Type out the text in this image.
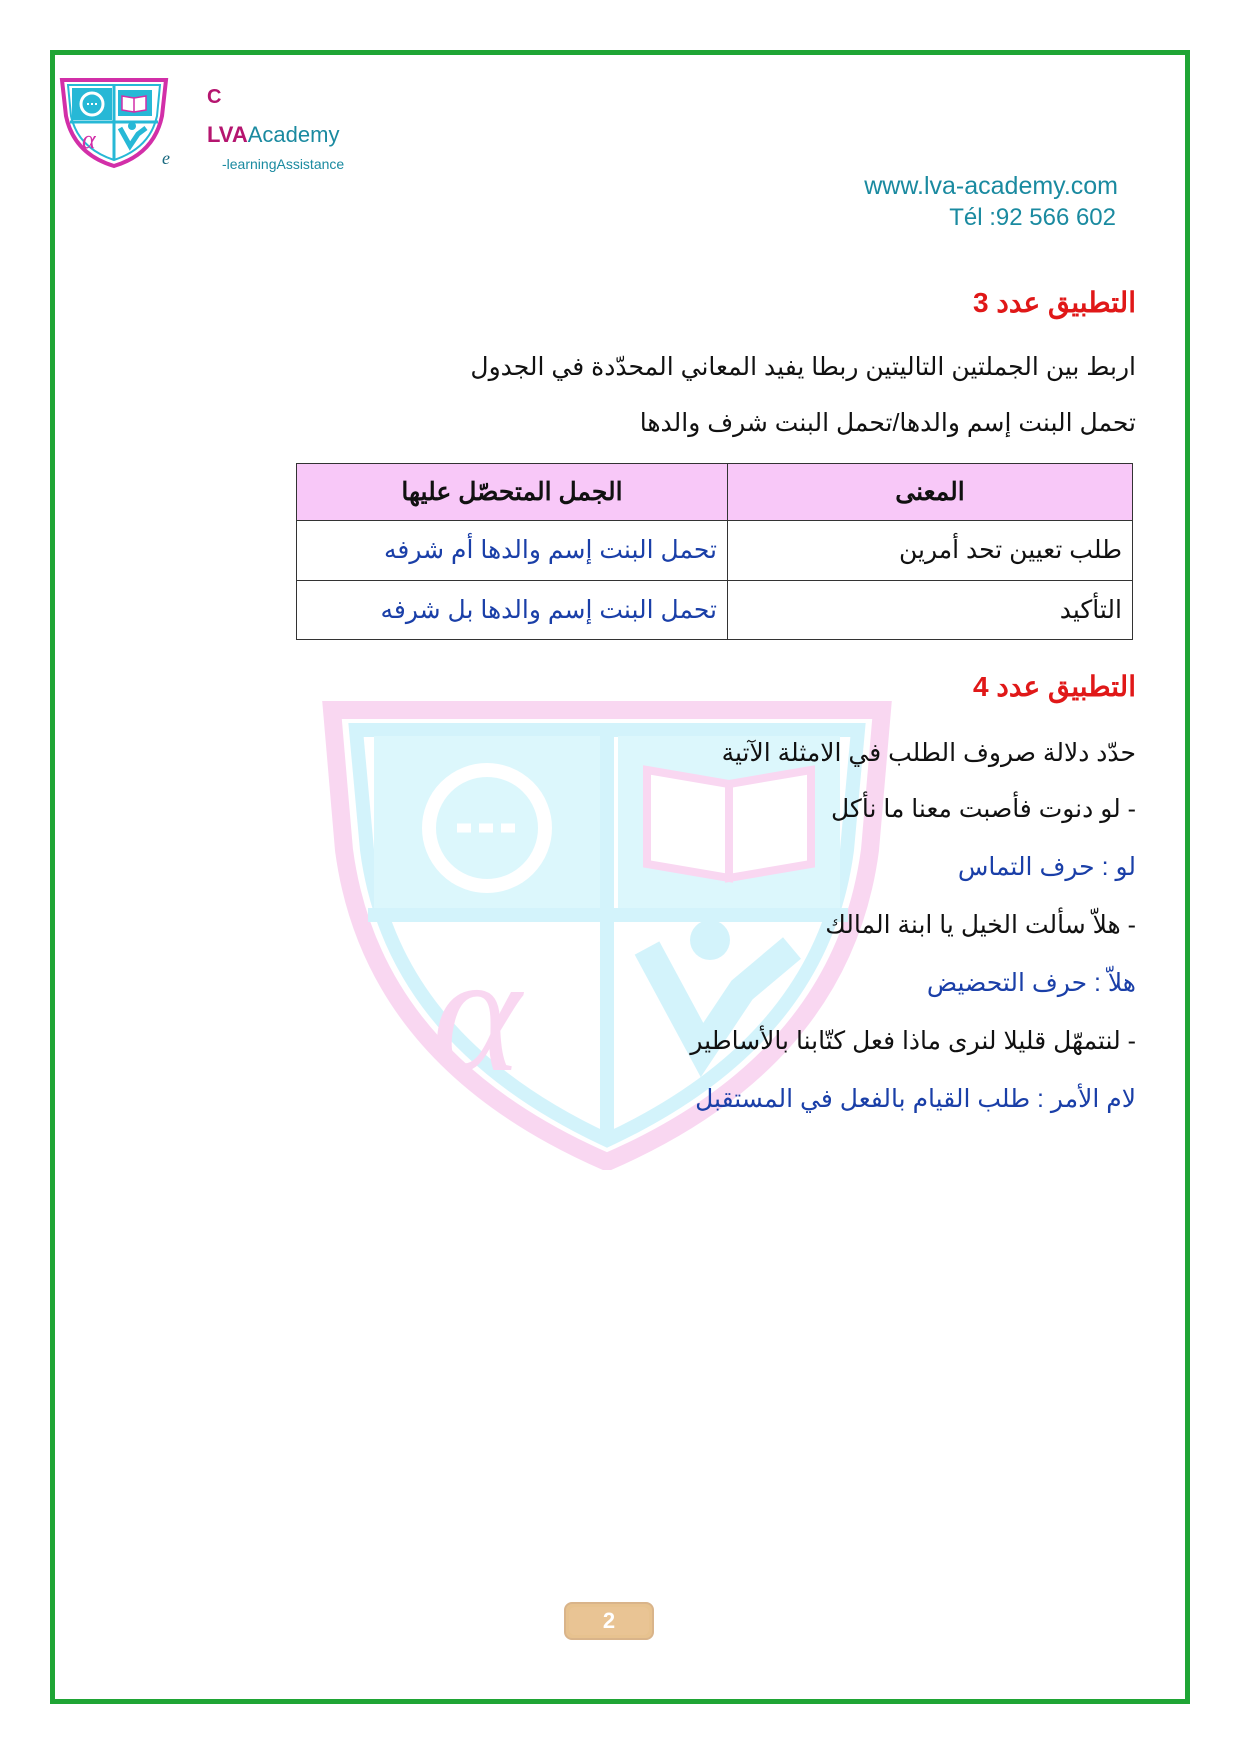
α
C
LVAAcademy
e	-learningAssistance
www.lva-academy.com
Tél :92 566 602
α
التطبيق عدد 3
اربط بين الجملتين التاليتين ربطا يفيد المعاني المحدّدة في الجدول
تحمل البنت إسم والدها/تحمل البنت شرف والدها
المعنى	الجمل المتحصّل عليها
طلب تعيين تحد أمرين	تحمل البنت إسم والدها أم شرفه
التأكيد	تحمل البنت إسم والدها بل شرفه
التطبيق عدد 4
حدّد دلالة صروف الطلب في الامثلة الآتية
- لو دنوت فأصبت معنا ما نأكل
لو : حرف التماس
- هلاّ سألت الخيل يا ابنة المالك
هلاّ : حرف التحضيض
- لنتمهّل قليلا لنرى ماذا فعل كتّابنا بالأساطير
لام الأمر : طلب القيام بالفعل في المستقبل
2
